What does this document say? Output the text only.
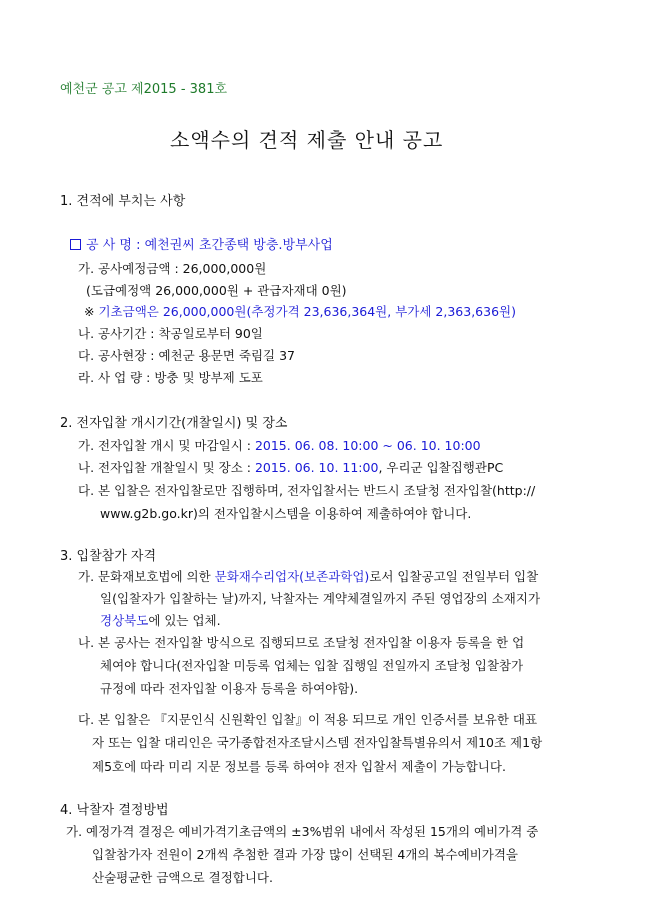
예천군 공고 제2015 - 381호
소액수의 견적 제출 안내 공고
1. 견적에 부치는 사항
공 사 명 : 예천권씨 초간종택 방충.방부사업
가. 공사예정금액 : 26,000,000원
(도급예정액 26,000,000원 + 관급자재대 0원)
※ 기초금액은 26,000,000원(추정가격 23,636,364원, 부가세 2,363,636원)
나. 공사기간 : 착공일로부터 90일
다. 공사현장 : 예천군 용문면 죽림길 37
라. 사 업 량 : 방충 및 방부제 도포
2. 전자입찰 개시기간(개찰일시) 및 장소
가. 전자입찰 개시 및 마감일시 : 2015. 06. 08. 10:00 ~ 06. 10. 10:00
나. 전자입찰 개찰일시 및 장소 : 2015. 06. 10. 11:00, 우리군 입찰집행관PC
다. 본 입찰은 전자입찰로만 집행하며, 전자입찰서는 반드시 조달청 전자입찰(http://
www.g2b.go.kr)의 전자입찰시스템을 이용하여 제출하여야 합니다.
3. 입찰참가 자격
가. 문화재보호법에 의한 문화재수리업자(보존과학업)로서 입찰공고일 전일부터 입찰
일(입찰자가 입찰하는 날)까지, 낙찰자는 계약체결일까지 주된 영업장의 소재지가
경상북도에 있는 업체.
나. 본 공사는 전자입찰 방식으로 집행되므로 조달청 전자입찰 이용자 등록을 한 업
체여야 합니다(전자입찰 미등록 업체는 입찰 집행일 전일까지 조달청 입찰참가
규정에 따라 전자입찰 이용자 등록을 하여야함).
다. 본 입찰은 『지문인식 신원확인 입찰』이 적용 되므로 개인 인증서를 보유한 대표
자 또는 입찰 대리인은 국가종합전자조달시스템 전자입찰특별유의서 제10조 제1항
제5호에 따라 미리 지문 정보를 등록 하여야 전자 입찰서 제출이 가능합니다.
4. 낙찰자 결정방법
가. 예정가격 결정은 예비가격기초금액의 ±3%범위 내에서 작성된 15개의 예비가격 중
입찰참가자 전원이 2개씩 추첨한 결과 가장 많이 선택된 4개의 복수예비가격을
산술평균한 금액으로 결정합니다.
